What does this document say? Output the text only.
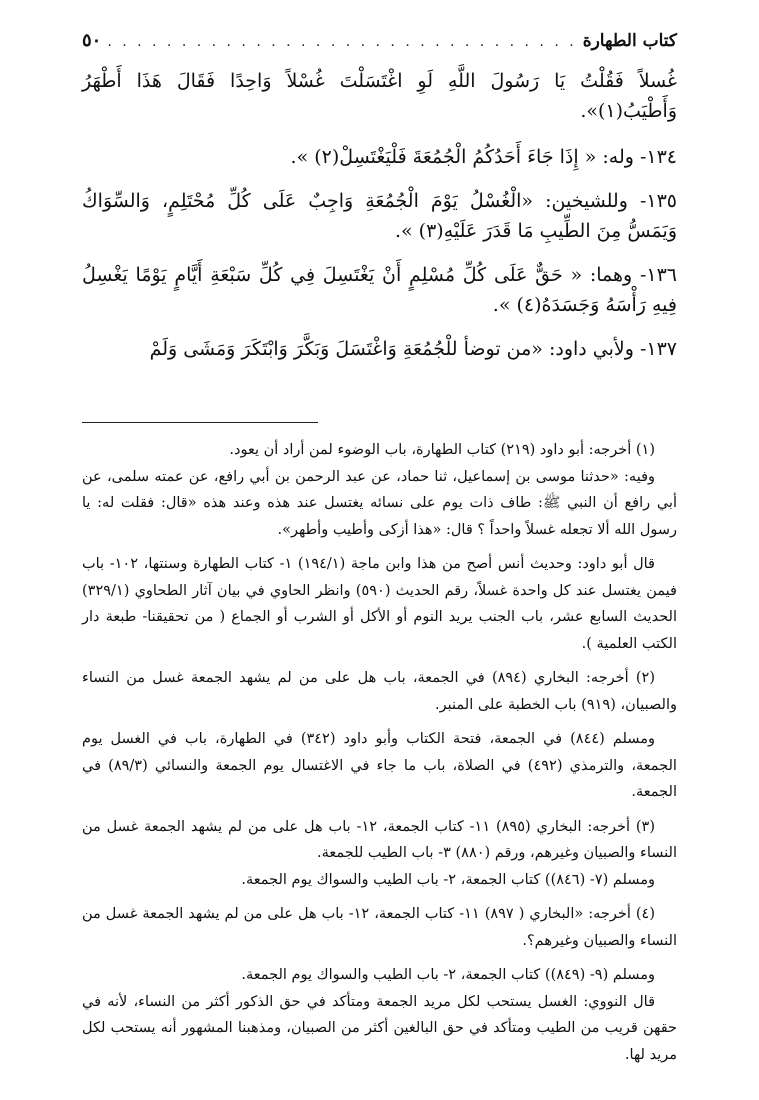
كتاب الطهارة
. . . . . . . . . . . . . . . . . . . . . . . . . . . . . . . .
٥٠

غُسلاً فَقُلْتُ يَا رَسُولَ اللَّهِ لَوِ اغْتَسَلْتَ غُسْلاً وَاحِدًا فَقَالَ هَذَا أَطْهَرُ وَأَطْيَبُ(١)».

١٣٤- وله: « إِذَا جَاءَ أَحَدُكُمُ الْجُمُعَةَ فَلْيَغْتَسِلْ(٢) ».

١٣٥- وللشيخين: «الْغُسْلُ يَوْمَ الْجُمُعَةِ وَاجِبٌ عَلَى كُلِّ مُحْتَلِمٍ، وَالسِّوَاكُ وَيَمَسُّ مِنَ الطِّيبِ مَا قَدَرَ عَلَيْهِ(٣) ».

١٣٦- وهما: « حَقٌّ عَلَى كُلِّ مُسْلِمٍ أَنْ يَغْتَسِلَ فِي كُلِّ سَبْعَةِ أَيَّامٍ يَوْمًا يَغْسِلُ فِيهِ رَأْسَهُ وَجَسَدَهُ(٤) ».

١٣٧- ولأبي داود: «من توضأ للْجُمُعَةِ وَاغْتَسَلَ وَبَكَّرَ وَابْتَكَرَ وَمَشَى وَلَمْ

(١) أخرجه: أبو داود (٢١٩) كتاب الطهارة، باب الوضوء لمن أراد أن يعود.

وفيه: «حدثنا موسى بن إسماعيل، ثنا حماد، عن عبد الرحمن بن أبي رافع، عن عمته سلمى، عن أبي رافع أن النبي ﷺ: طاف ذات يوم على نسائه يغتسل عند هذه وعند هذه «قال: فقلت له: يا رسول الله ألا تجعله غسلاً واحداً ؟ قال: «هذا أزكى وأطيب وأطهر».

قال أبو داود: وحديث أنس أصح من هذا وابن ماجة (١٩٤/١) ١- كتاب الطهارة وسنتها، ١٠٢- باب فيمن يغتسل عند كل واحدة غسلاً، رقم الحديث (٥٩٠) وانظر الحاوي في بيان آثار الطحاوي (٣٢٩/١) الحديث السابع عشر، باب الجنب يريد النوم أو الأكل أو الشرب أو الجماع ( من تحقيقنا- طبعة دار الكتب العلمية ).

(٢) أخرجه: البخاري (٨٩٤) في الجمعة، باب هل على من لم يشهد الجمعة غسل من النساء والصبيان، (٩١٩) باب الخطبة على المنبر.

ومسلم (٨٤٤) في الجمعة، فتحة الكتاب وأبو داود (٣٤٢) في الطهارة، باب في الغسل يوم الجمعة، والترمذي (٤٩٢) في الصلاة، باب ما جاء في الاغتسال يوم الجمعة والنسائي (٨٩/٣) في الجمعة.

(٣) أخرجه: البخاري (٨٩٥) ١١- كتاب الجمعة، ١٢- باب هل على من لم يشهد الجمعة غسل من النساء والصبيان وغيرهم، ورقم (٨٨٠) ٣- باب الطيب للجمعة.

ومسلم (٧- (٨٤٦)) كتاب الجمعة، ٢- باب الطيب والسواك يوم الجمعة.

(٤) أخرجه: «البخاري ( ٨٩٧) ١١- كتاب الجمعة، ١٢- باب هل على من لم يشهد الجمعة غسل من النساء والصبيان وغيرهم؟.

ومسلم (٩- (٨٤٩)) كتاب الجمعة، ٢- باب الطيب والسواك يوم الجمعة.

قال النووي: الغسل يستحب لكل مريد الجمعة ومتأكد في حق الذكور أكثر من النساء، لأنه في حقهن قريب من الطيب ومتأكد في حق البالغين أكثر من الصبيان، ومذهبنا المشهور أنه يستحب لكل مريد لها.
